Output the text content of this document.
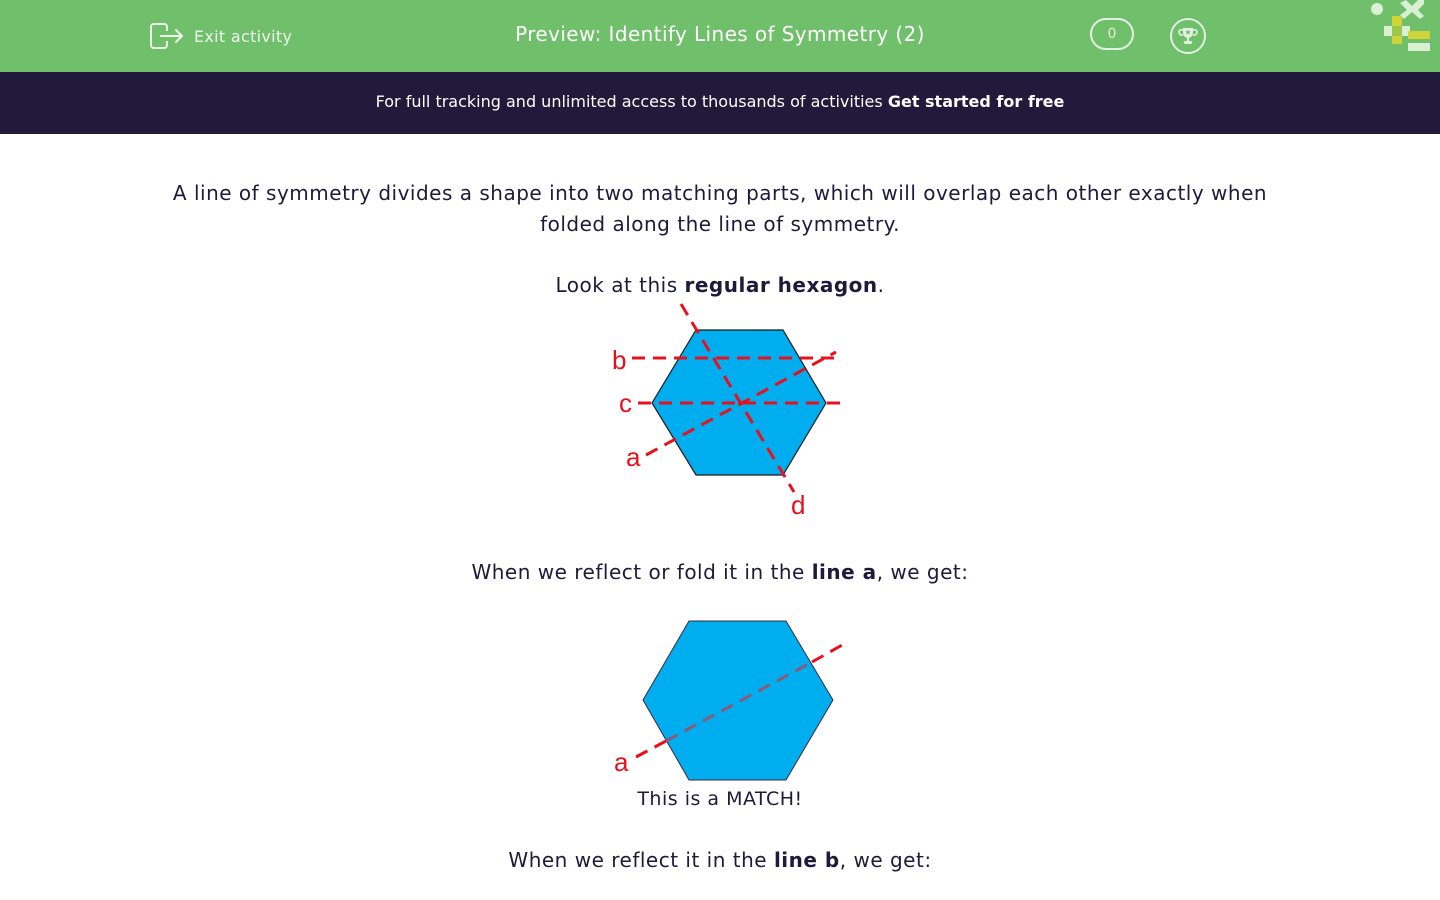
Exit activity	Preview: Identify Lines of Symmetry (2)	0
For full tracking and unlimited access to thousands of activities Get started for free
A line of symmetry divides a shape into two matching parts, which will overlap each other exactly when folded along the line of symmetry.
Look at this regular hexagon.
b
c
a
d
When we reflect or fold it in the line a, we get:
a
This is a MATCH!
When we reflect it in the line b, we get:
